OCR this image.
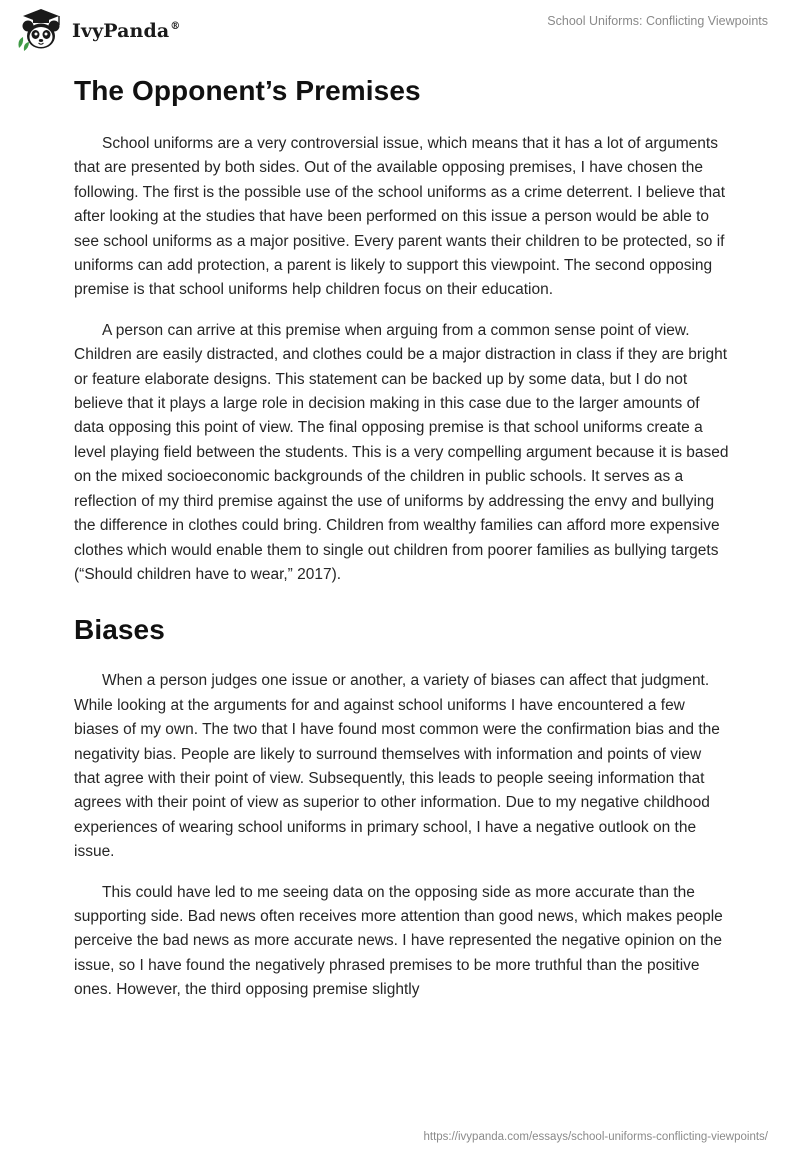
IvyPanda®	School Uniforms: Conflicting Viewpoints
The Opponent’s Premises

School uniforms are a very controversial issue, which means that it has a lot of arguments that are presented by both sides. Out of the available opposing premises, I have chosen the following. The first is the possible use of the school uniforms as a crime deterrent. I believe that after looking at the studies that have been performed on this issue a person would be able to see school uniforms as a major positive. Every parent wants their children to be protected, so if uniforms can add protection, a parent is likely to support this viewpoint. The second opposing premise is that school uniforms help children focus on their education.

A person can arrive at this premise when arguing from a common sense point of view. Children are easily distracted, and clothes could be a major distraction in class if they are bright or feature elaborate designs. This statement can be backed up by some data, but I do not believe that it plays a large role in decision making in this case due to the larger amounts of data opposing this point of view. The final opposing premise is that school uniforms create a level playing field between the students. This is a very compelling argument because it is based on the mixed socioeconomic backgrounds of the children in public schools. It serves as a reflection of my third premise against the use of uniforms by addressing the envy and bullying the difference in clothes could bring. Children from wealthy families can afford more expensive clothes which would enable them to single out children from poorer families as bullying targets (“Should children have to wear,” 2017).

Biases

When a person judges one issue or another, a variety of biases can affect that judgment. While looking at the arguments for and against school uniforms I have encountered a few biases of my own. The two that I have found most common were the confirmation bias and the negativity bias. People are likely to surround themselves with information and points of view that agree with their point of view. Subsequently, this leads to people seeing information that agrees with their point of view as superior to other information. Due to my negative childhood experiences of wearing school uniforms in primary school, I have a negative outlook on the issue.

This could have led to me seeing data on the opposing side as more accurate than the supporting side. Bad news often receives more attention than good news, which makes people perceive the bad news as more accurate news. I have represented the negative opinion on the issue, so I have found the negatively phrased premises to be more truthful than the positive ones. However, the third opposing premise slightly

https://ivypanda.com/essays/school-uniforms-conflicting-viewpoints/
